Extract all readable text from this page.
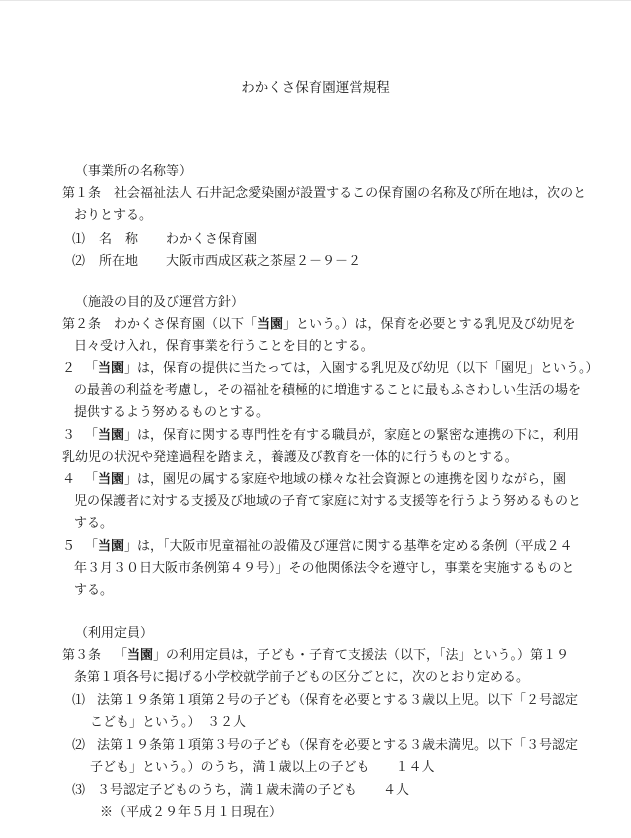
わかくさ保育園運営規程
（事業所の名称等）
第１条 社会福祉法人 石井記念愛染園が設置するこの保育園の名称及び所在地は，次のと
おりとする。
⑴ 名　称 わかくさ保育園
⑵ 所在地 大阪市西成区萩之茶屋２－９－２
（施設の目的及び運営方針）
第２条 わかくさ保育園（以下「当園」という。）は，保育を必要とする乳児及び幼児を
日々受け入れ，保育事業を行うことを目的とする。
２ 「当園」は，保育の提供に当たっては，入園する乳児及び幼児（以下「園児」という。）
の最善の利益を考慮し，その福祉を積極的に増進することに最もふさわしい生活の場を
提供するよう努めるものとする。
３ 「当園」は，保育に関する専門性を有する職員が，家庭との緊密な連携の下に，利用
乳幼児の状況や発達過程を踏まえ，養護及び教育を一体的に行うものとする。
４ 「当園」は，園児の属する家庭や地域の様々な社会資源との連携を図りながら，園
児の保護者に対する支援及び地域の子育て家庭に対する支援等を行うよう努めるものと
する。
５ 「当園」は，「大阪市児童福祉の設備及び運営に関する基準を定める条例（平成２４
年３月３０日大阪市条例第４９号）」その他関係法令を遵守し，事業を実施するものと
する。
（利用定員）
第３条 「当園」の利用定員は，子ども・子育て支援法（以下，「法」という。）第１９
条第１項各号に掲げる小学校就学前子どもの区分ごとに，次のとおり定める。
⑴ 法第１９条第１項第２号の子ども（保育を必要とする３歳以上児。以下「２号認定
こども」という。）　３２人
⑵ 法第１９条第１項第３号の子ども（保育を必要とする３歳未満児。以下「３号認定
子ども」という。）のうち，満１歳以上の子ども　　１４人
⑶ ３号認定子どものうち，満１歳未満の子ども　　４人
※（平成２９年５月１日現在）
